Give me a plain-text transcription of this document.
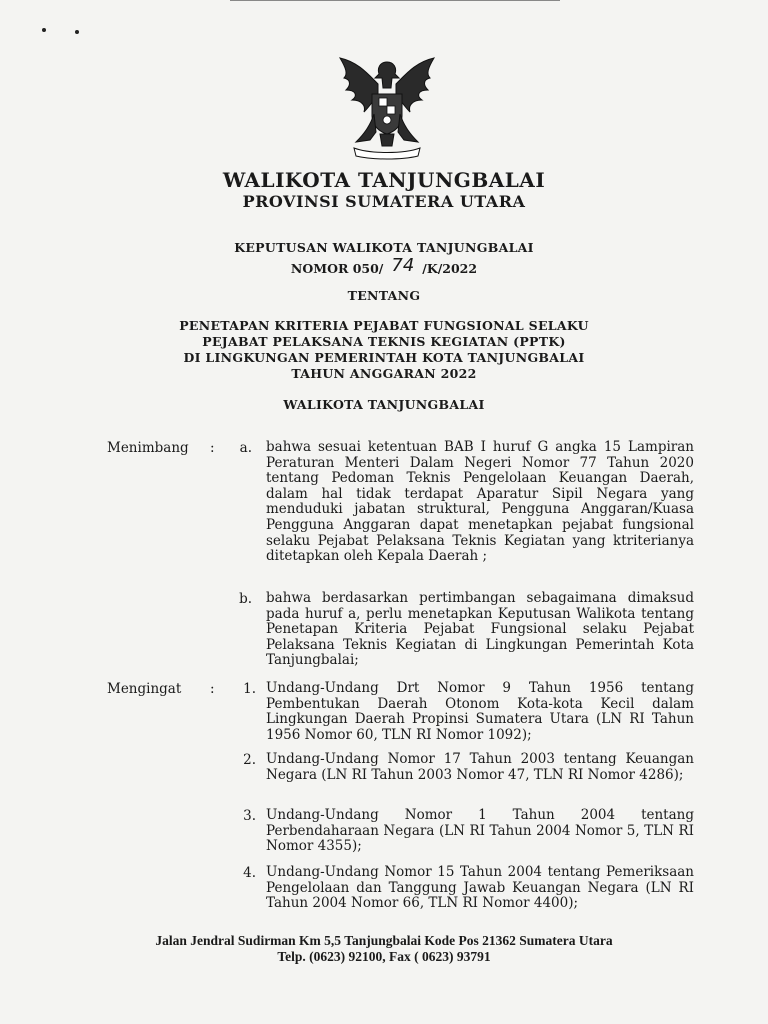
WALIKOTA TANJUNGBALAI
PROVINSI SUMATERA UTARA
KEPUTUSAN WALIKOTA TANJUNGBALAI
NOMOR 050/ 74 /K/2022
TENTANG
PENETAPAN KRITERIA PEJABAT FUNGSIONAL SELAKU
PEJABAT PELAKSANA TEKNIS KEGIATAN (PPTK)
DI LINGKUNGAN PEMERINTAH KOTA TANJUNGBALAI
TAHUN ANGGARAN 2022
WALIKOTA TANJUNGBALAI
Menimbang :	a. bahwa sesuai ketentuan BAB I huruf G angka 15 Lampiran Peraturan Menteri Dalam Negeri Nomor 77 Tahun 2020 tentang Pedoman Teknis Pengelolaan Keuangan Daerah, dalam hal tidak terdapat Aparatur Sipil Negara yang menduduki jabatan struktural, Pengguna Anggaran/Kuasa Pengguna Anggaran dapat menetapkan pejabat fungsional selaku Pejabat Pelaksana Teknis Kegiatan yang ktriterianya ditetapkan oleh Kepala Daerah ;
b. bahwa berdasarkan pertimbangan sebagaimana dimaksud pada huruf a, perlu menetapkan Keputusan Walikota tentang Penetapan Kriteria Pejabat Fungsional selaku Pejabat Pelaksana Teknis Kegiatan di Lingkungan Pemerintah Kota Tanjungbalai;
Mengingat :	1. Undang-Undang Drt Nomor 9 Tahun 1956 tentang Pembentukan Daerah Otonom Kota-kota Kecil dalam Lingkungan Daerah Propinsi Sumatera Utara (LN RI Tahun 1956 Nomor 60, TLN RI Nomor 1092);
2. Undang-Undang Nomor 17 Tahun 2003 tentang Keuangan Negara (LN RI Tahun 2003 Nomor 47, TLN RI Nomor 4286);
3. Undang-Undang Nomor 1 Tahun 2004 tentang Perbendaharaan Negara (LN RI Tahun 2004 Nomor 5, TLN RI Nomor 4355);
4. Undang-Undang Nomor 15 Tahun 2004 tentang Pemeriksaan Pengelolaan dan Tanggung Jawab Keuangan Negara (LN RI Tahun 2004 Nomor 66, TLN RI Nomor 4400);
Jalan Jendral Sudirman Km 5,5 Tanjungbalai Kode Pos 21362 Sumatera Utara
Telp. (0623) 92100, Fax ( 0623) 93791
